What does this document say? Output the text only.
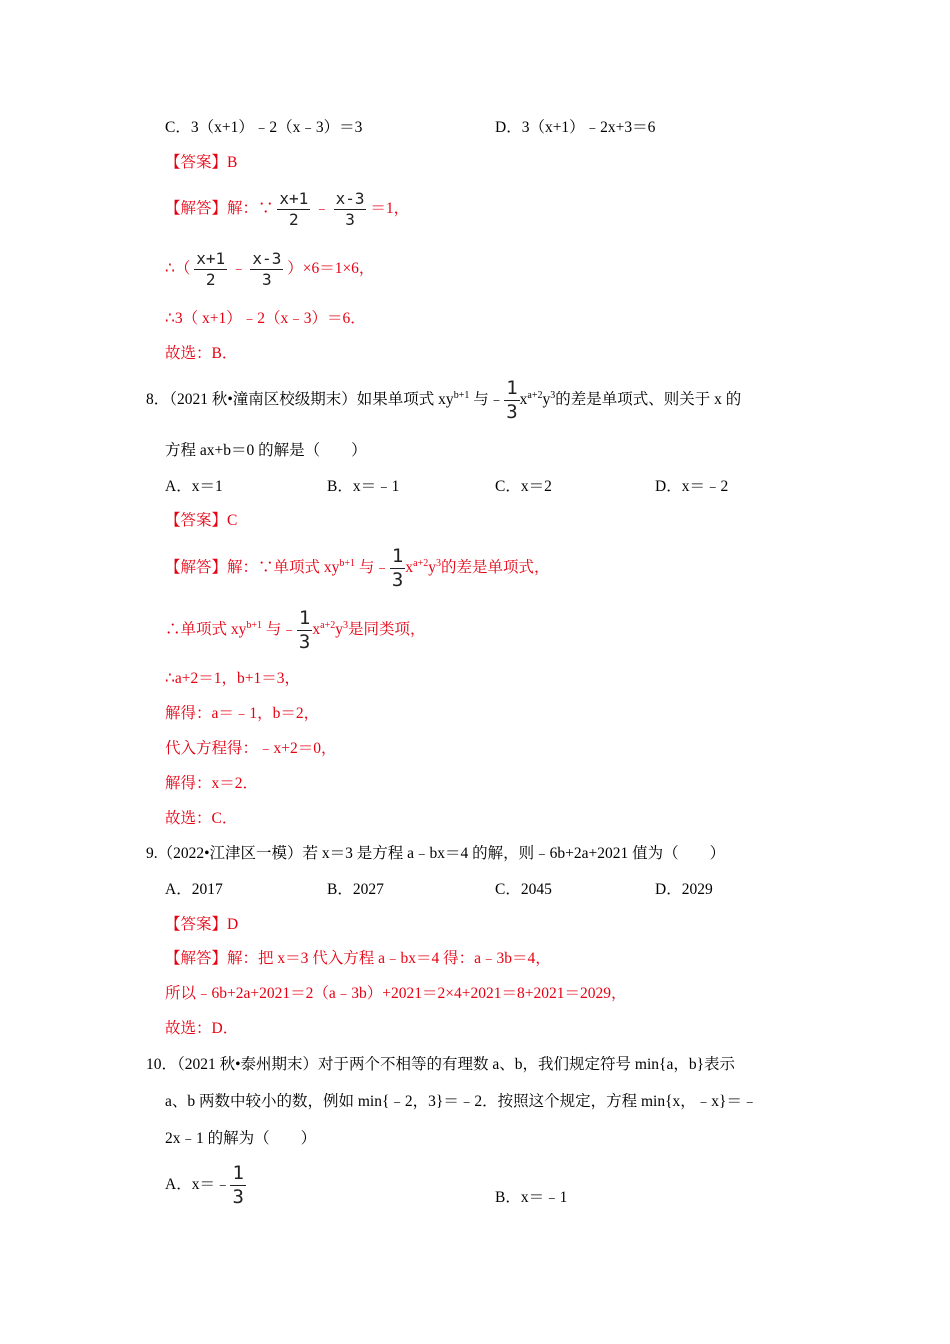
C．3（x+1）﹣2（x﹣3）＝3	D．3（x+1）﹣2x+3＝6
【答案】B
【解答】解：∵ $\frac{x+1}{2}$ ﹣ $\frac{x-3}{3} =1$，
∴（ $\frac{x+1}{2}$ ﹣ $\frac{x-3}{3} )\times 6=1\times 6$，
∴3（ x+1）﹣2（x﹣3）＝6．
故选：B．
8．（2021 秋•潼南区校级期末）如果单项式 $xy^{b+1}$ 与﹣ $\frac{1}{3} x^{a+2}y^3$的差是单项式、则关于 x 的
方程 ax+b＝0 的解是（　　）
A．x＝1	B．x＝﹣1	C．x＝2	D．x＝﹣2
【答案】C
【解答】解：∵单项式 $xy^{b+1}$ 与﹣ $\frac{1}{3} x^{a+2}y^3$的差是单项式，
∴单项式 $xy^{b+1}$ 与﹣ $\frac{1}{3} x^{a+2}y^3$是同类项，
∴a+2＝1，b+1＝3，
解得：a＝﹣1，b＝2，
代入方程得：﹣x+2＝0，
解得：x＝2．
故选：C．
9.（2022•江津区一模）若 x＝3 是方程 a﹣bx＝4 的解，则﹣6b+2a+2021 值为（　　）
A．2017	B．2027	C．2045	D．2029
【答案】D
【解答】解：把 x＝3 代入方程 a﹣bx＝4 得：a﹣3b＝4，
所以﹣6b+2a+2021＝2（a﹣3b）+2021＝2×4+2021＝8+2021＝2029，
故选：D．
10．（2021 秋•泰州期末）对于两个不相等的有理数 a、b，我们规定符号 min{a，b}表示
a、b 两数中较小的数，例如 min{﹣2，3}＝﹣2．按照这个规定，方程 min{x，﹣x}＝﹣
2x﹣1 的解为（　　）
A．x＝﹣ $\frac{1}{3}$	B．x＝﹣1
